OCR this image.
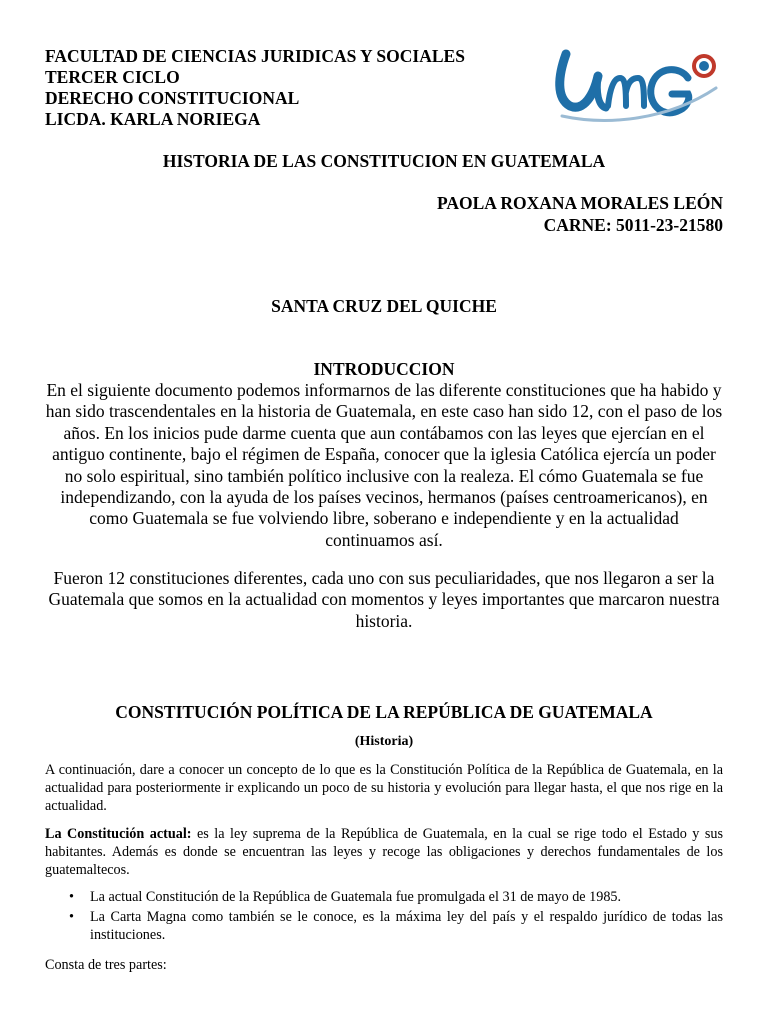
FACULTAD DE CIENCIAS JURIDICAS Y SOCIALES
TERCER CICLO
DERECHO CONSTITUCIONAL
LICDA. KARLA NORIEGA
HISTORIA DE LAS CONSTITUCION EN GUATEMALA
PAOLA ROXANA MORALES LEÓN
CARNE: 5011-23-21580
SANTA CRUZ DEL QUICHE
INTRODUCCION
En el siguiente documento podemos informarnos de las diferente constituciones que ha habido y han sido trascendentales en la historia de Guatemala, en este caso han sido 12, con el paso de los años. En los inicios pude darme cuenta que aun contábamos con las leyes que ejercían en el antiguo continente, bajo el régimen de España, conocer que la iglesia Católica ejercía un poder no solo espiritual, sino también político inclusive con la realeza. El cómo Guatemala se fue independizando, con la ayuda de los países vecinos, hermanos (países centroamericanos), en como Guatemala se fue volviendo libre, soberano e independiente y en la actualidad continuamos así.
Fueron 12 constituciones diferentes, cada uno con sus peculiaridades, que nos llegaron a ser la Guatemala que somos en la actualidad con momentos y leyes importantes que marcaron nuestra historia.
CONSTITUCIÓN POLÍTICA DE LA REPÚBLICA DE GUATEMALA
(Historia)
A continuación, dare a conocer un concepto de lo que es la Constitución Política de la República de Guatemala, en la actualidad para posteriormente ir explicando un poco de su historia y evolución para llegar hasta, el que nos rige en la actualidad.
La Constitución actual: es la ley suprema de la República de Guatemala, en la cual se rige todo el Estado y sus habitantes. Además es donde se encuentran las leyes y recoge las obligaciones y derechos fundamentales de los guatemaltecos.
• La actual Constitución de la República de Guatemala fue promulgada el 31 de mayo de 1985.
• La Carta Magna como también se le conoce, es la máxima ley del país y el respaldo jurídico de todas las instituciones.
Consta de tres partes:
